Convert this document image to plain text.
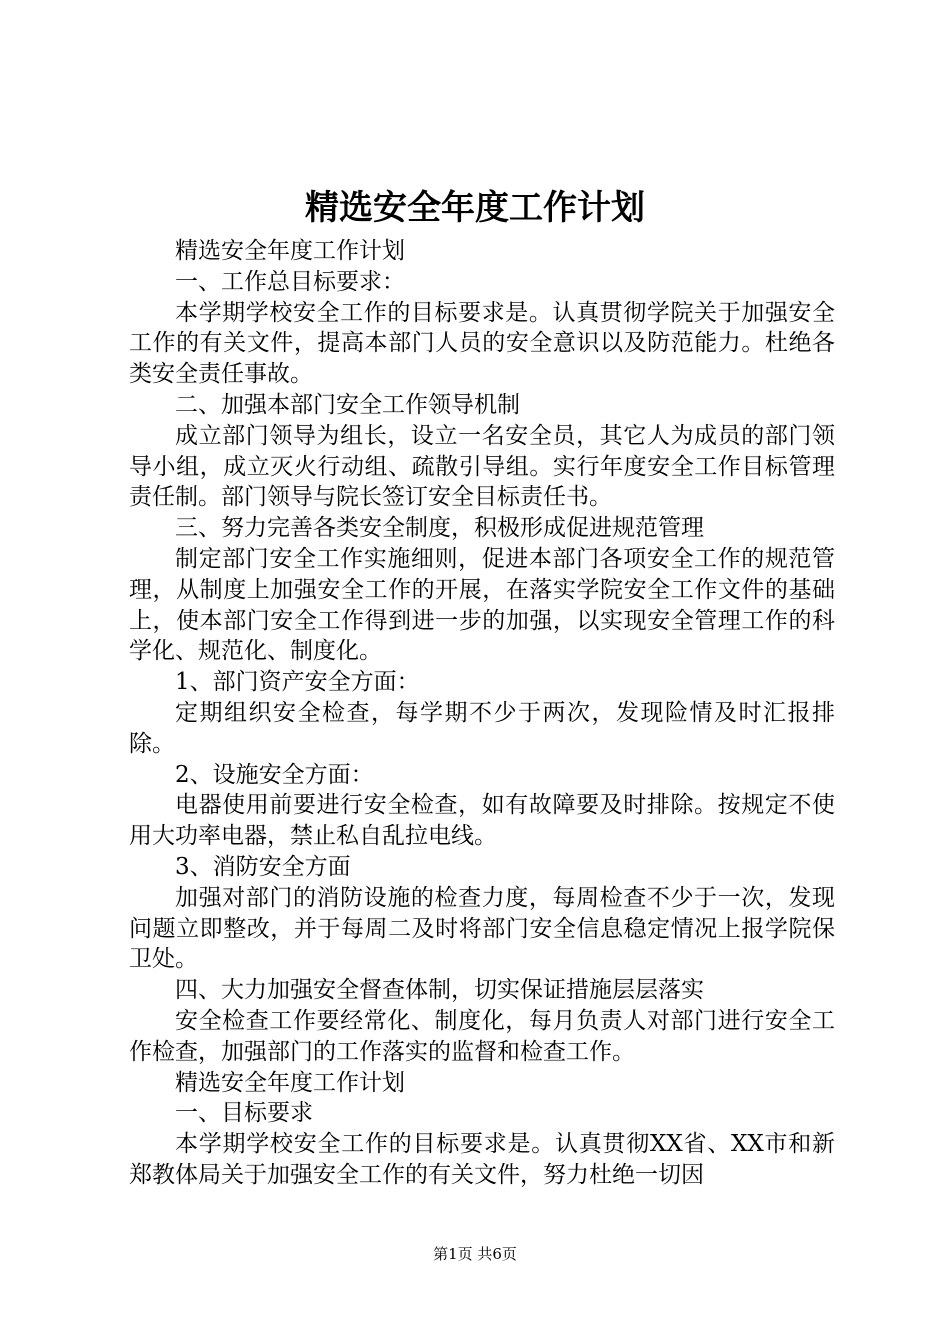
精选安全年度工作计划

精选安全年度工作计划

一、工作总目标要求：

本学期学校安全工作的目标要求是。认真贯彻学院关于加强安全工作的有关文件，提高本部门人员的安全意识以及防范能力。杜绝各类安全责任事故。

二、加强本部门安全工作领导机制

成立部门领导为组长，设立一名安全员，其它人为成员的部门领导小组，成立灭火行动组、疏散引导组。实行年度安全工作目标管理责任制。部门领导与院长签订安全目标责任书。

三、努力完善各类安全制度，积极形成促进规范管理

制定部门安全工作实施细则，促进本部门各项安全工作的规范管理，从制度上加强安全工作的开展，在落实学院安全工作文件的基础上，使本部门安全工作得到进一步的加强，以实现安全管理工作的科学化、规范化、制度化。

1、部门资产安全方面：

定期组织安全检查，每学期不少于两次，发现险情及时汇报排除。

2、设施安全方面：

电器使用前要进行安全检查，如有故障要及时排除。按规定不使用大功率电器，禁止私自乱拉电线。

3、消防安全方面

加强对部门的消防设施的检查力度，每周检查不少于一次，发现问题立即整改，并于每周二及时将部门安全信息稳定情况上报学院保卫处。

四、大力加强安全督查体制，切实保证措施层层落实

安全检查工作要经常化、制度化，每月负责人对部门进行安全工作检查，加强部门的工作落实的监督和检查工作。

精选安全年度工作计划

一、目标要求

本学期学校安全工作的目标要求是。认真贯彻XX省、XX市和新郑教体局关于加强安全工作的有关文件，努力杜绝一切因

第1页 共6页
